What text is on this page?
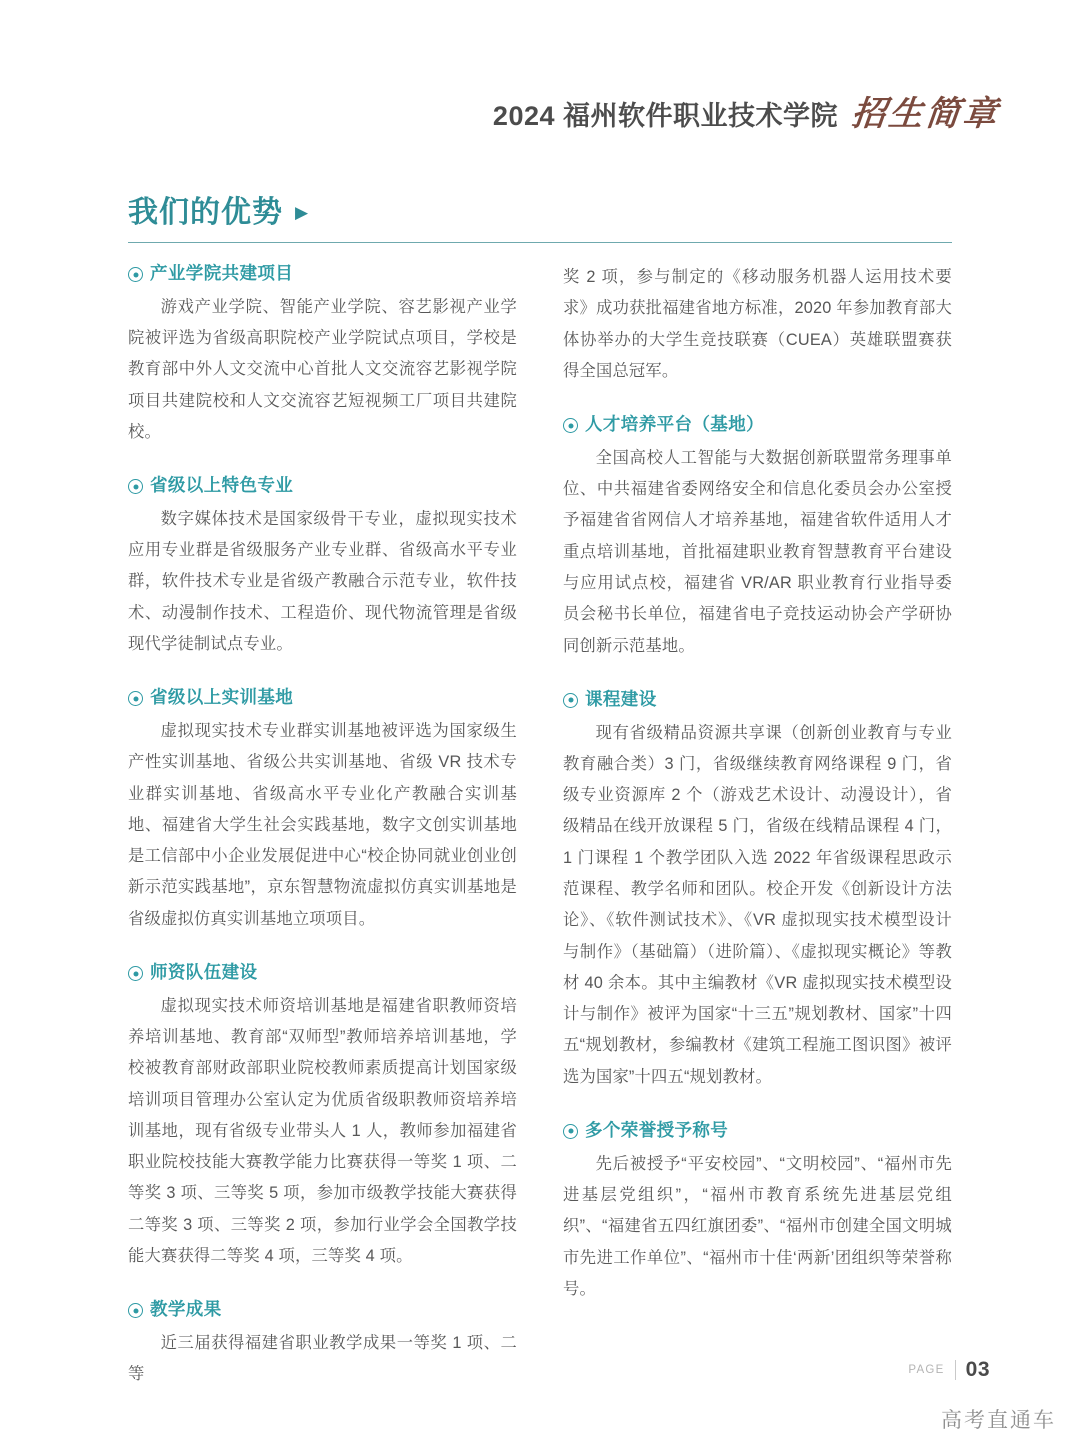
2024 福州软件职业技术学院 招生简章
我们的优势 ▶
产业学院共建项目

游戏产业学院、智能产业学院、容艺影视产业学院被评选为省级高职院校产业学院试点项目，学校是教育部中外人文交流中心首批人文交流容艺影视学院项目共建院校和人文交流容艺短视频工厂项目共建院校。

省级以上特色专业

数字媒体技术是国家级骨干专业，虚拟现实技术应用专业群是省级服务产业专业群、省级高水平专业群，软件技术专业是省级产教融合示范专业，软件技术、动漫制作技术、工程造价、现代物流管理是省级现代学徒制试点专业。

省级以上实训基地

虚拟现实技术专业群实训基地被评选为国家级生产性实训基地、省级公共实训基地、省级 VR 技术专业群实训基地、省级高水平专业化产教融合实训基地、福建省大学生社会实践基地，数字文创实训基地是工信部中小企业发展促进中心“校企协同就业创业创新示范实践基地”，京东智慧物流虚拟仿真实训基地是省级虚拟仿真实训基地立项项目。

师资队伍建设

虚拟现实技术师资培训基地是福建省职教师资培养培训基地、教育部“双师型”教师培养培训基地，学校被教育部财政部职业院校教师素质提高计划国家级培训项目管理办公室认定为优质省级职教师资培养培训基地，现有省级专业带头人 1 人，教师参加福建省职业院校技能大赛教学能力比赛获得一等奖 1 项、二等奖 3 项、三等奖 5 项，参加市级教学技能大赛获得二等奖 3 项、三等奖 2 项，参加行业学会全国教学技能大赛获得二等奖 4 项，三等奖 4 项。

教学成果

近三届获得福建省职业教学成果一等奖 1 项、二等

奖 2 项，参与制定的《移动服务机器人运用技术要求》成功获批福建省地方标准，2020 年参加教育部大体协举办的大学生竞技联赛（CUEA）英雄联盟赛获得全国总冠军。

人才培养平台（基地）

全国高校人工智能与大数据创新联盟常务理事单位、中共福建省委网络安全和信息化委员会办公室授予福建省省网信人才培养基地，福建省软件适用人才重点培训基地，首批福建职业教育智慧教育平台建设与应用试点校，福建省 VR/AR 职业教育行业指导委员会秘书长单位，福建省电子竞技运动协会产学研协同创新示范基地。

课程建设

现有省级精品资源共享课（创新创业教育与专业教育融合类）3 门，省级继续教育网络课程 9 门，省级专业资源库 2 个（游戏艺术设计、动漫设计），省级精品在线开放课程 5 门，省级在线精品课程 4 门，1 门课程 1 个教学团队入选 2022 年省级课程思政示范课程、教学名师和团队。校企开发《创新设计方法论》、《软件测试技术》、《VR 虚拟现实技术模型设计与制作》（基础篇）（进阶篇）、《虚拟现实概论》等教材 40 余本。其中主编教材《VR 虚拟现实技术模型设计与制作》被评为国家“十三五”规划教材、国家”十四五“规划教材，参编教材《建筑工程施工图识图》被评选为国家”十四五“规划教材。

多个荣誉授予称号

先后被授予“平安校园”、“文明校园”、“福州市先进基层党组织”，“福州市教育系统先进基层党组织”、“福建省五四红旗团委”、“福州市创建全国文明城市先进工作单位”、“福州市十佳‘两新’团组织等荣誉称号。

PAGE 03
高考直通车
